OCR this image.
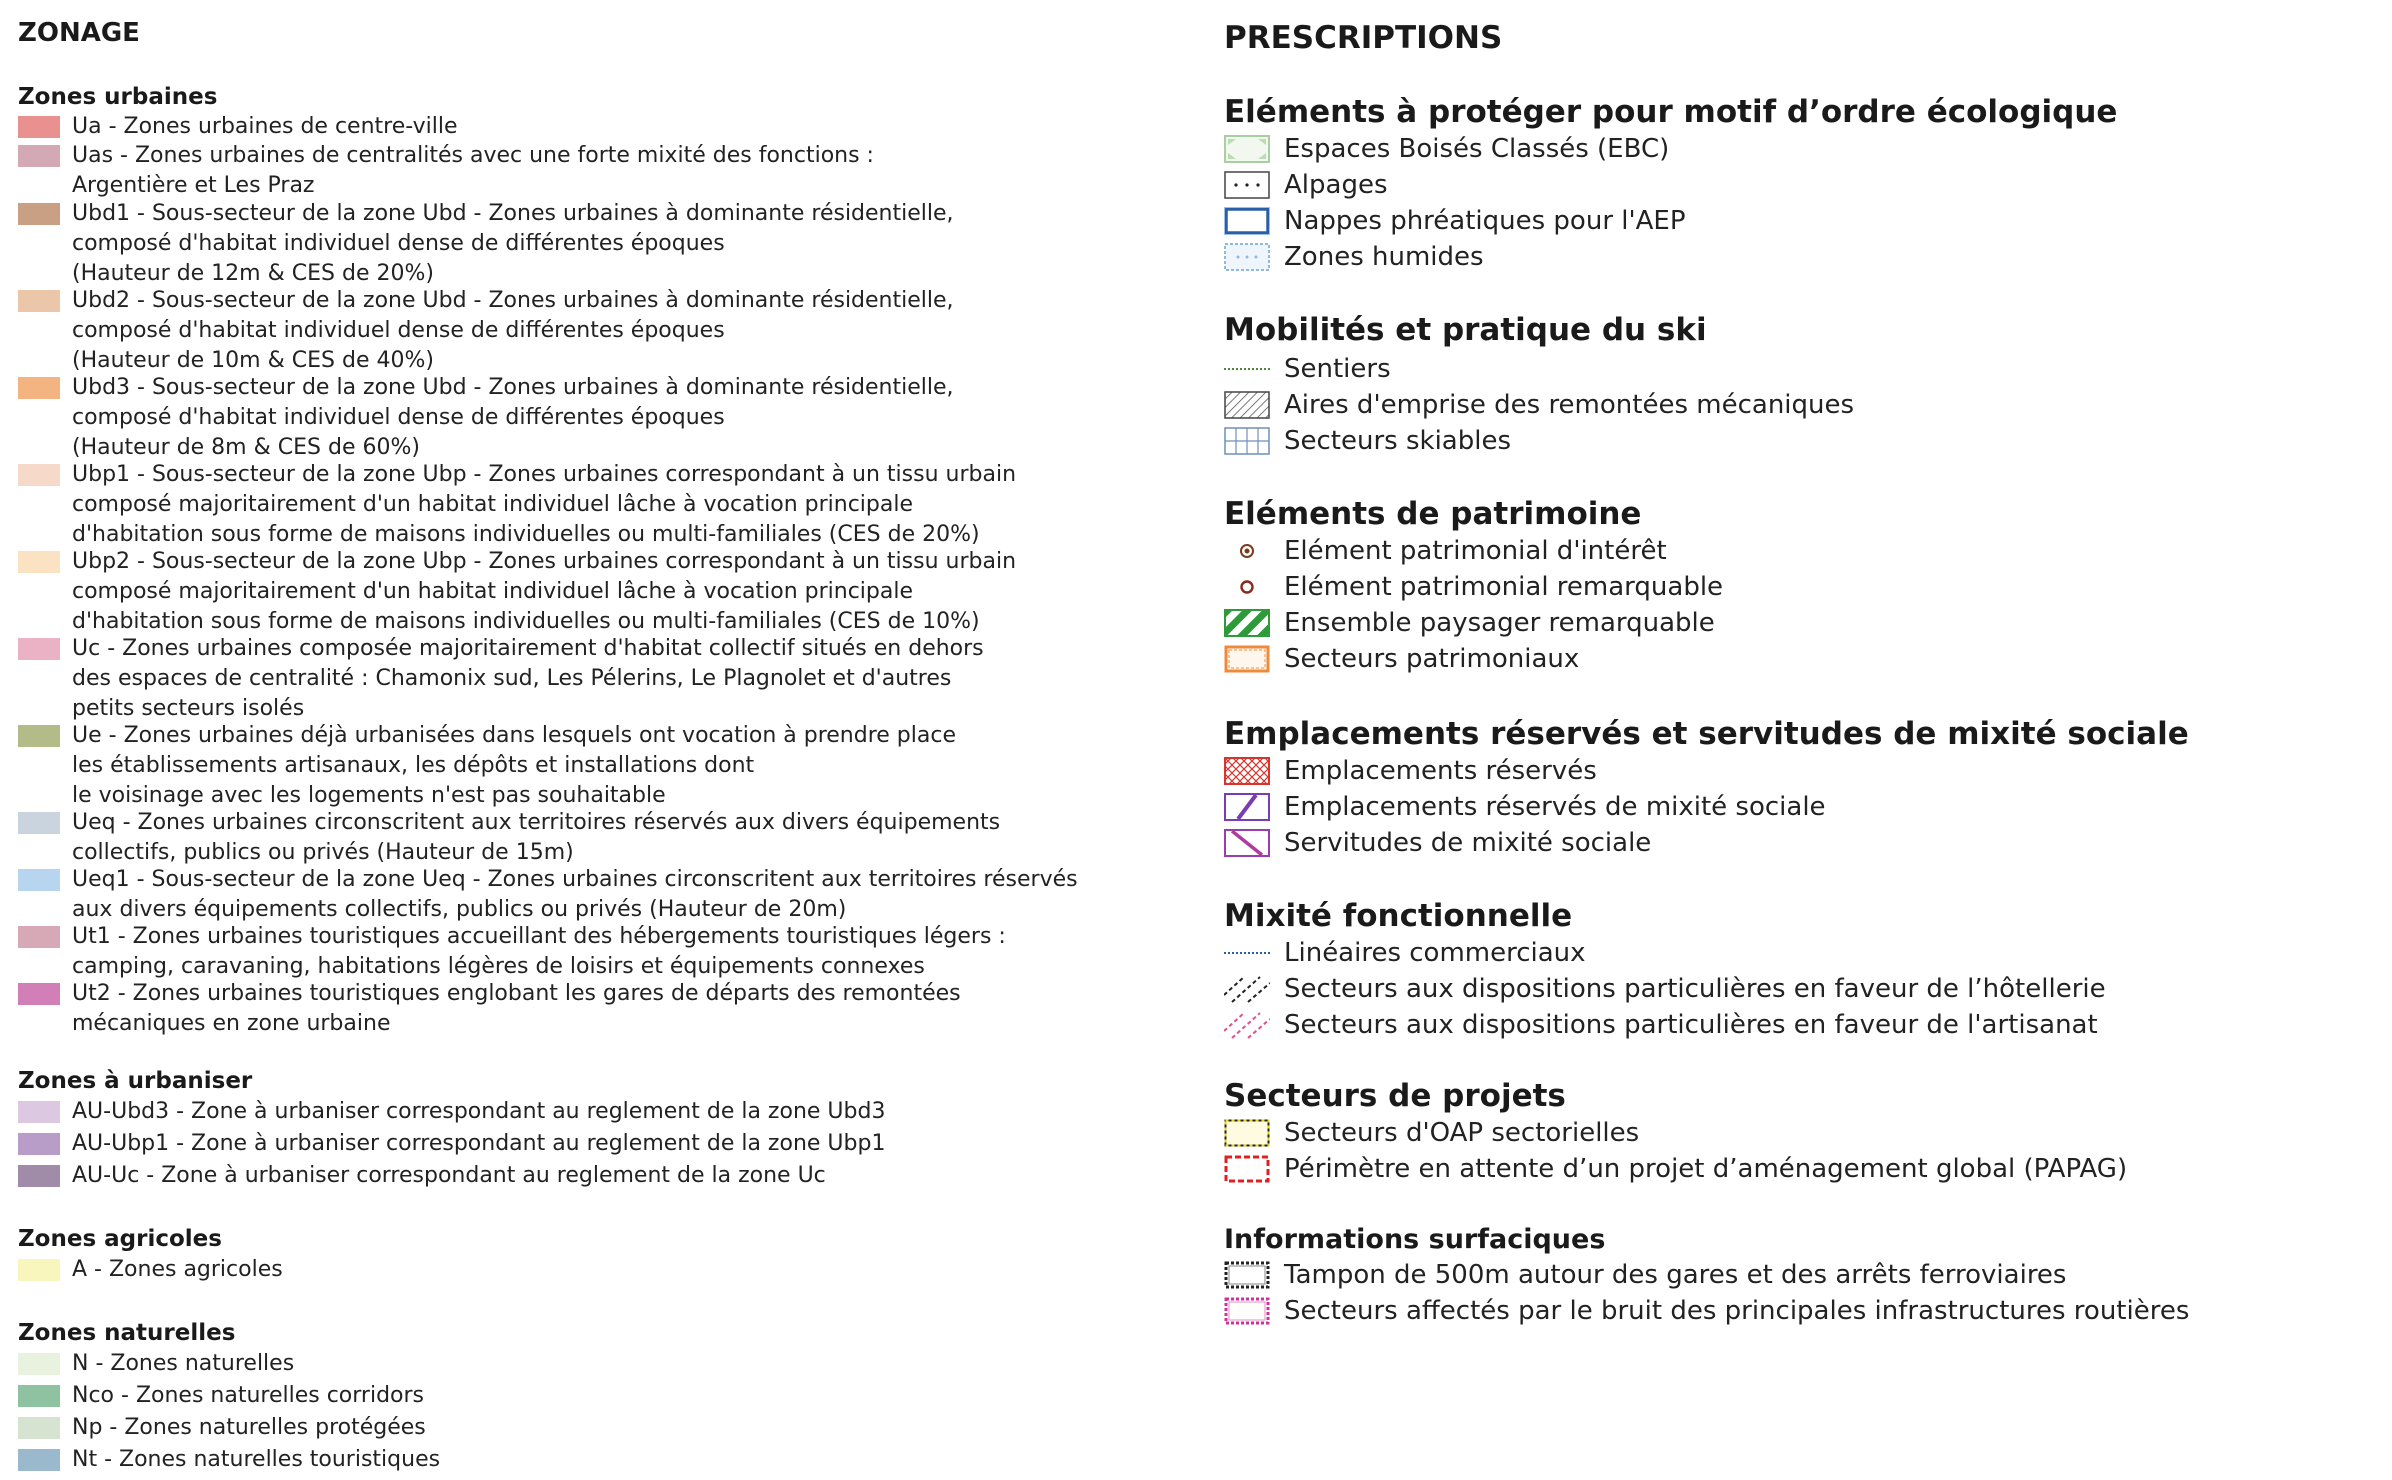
ZONAGE
Zones urbaines
Ua - Zones urbaines de centre-ville
Uas - Zones urbaines de centralités avec une forte mixité des fonctions :
Argentière et Les Praz
Ubd1 - Sous-secteur de la zone Ubd - Zones urbaines à dominante résidentielle,
composé d'habitat individuel dense de différentes époques
(Hauteur de 12m & CES de 20%)
Ubd2 - Sous-secteur de la zone Ubd - Zones urbaines à dominante résidentielle,
composé d'habitat individuel dense de différentes époques
(Hauteur de 10m & CES de 40%)
Ubd3 - Sous-secteur de la zone Ubd - Zones urbaines à dominante résidentielle,
composé d'habitat individuel dense de différentes époques
(Hauteur de 8m & CES de 60%)
Ubp1 - Sous-secteur de la zone Ubp - Zones urbaines correspondant à un tissu urbain
composé majoritairement d'un habitat individuel lâche à vocation principale
d'habitation sous forme de maisons individuelles ou multi-familiales (CES de 20%)
Ubp2 - Sous-secteur de la zone Ubp - Zones urbaines correspondant à un tissu urbain
composé majoritairement d'un habitat individuel lâche à vocation principale
d'habitation sous forme de maisons individuelles ou multi-familiales (CES de 10%)
Uc - Zones urbaines composée majoritairement d'habitat collectif situés en dehors
des espaces de centralité : Chamonix sud, Les Pélerins, Le Plagnolet et d'autres
petits secteurs isolés
Ue - Zones urbaines déjà urbanisées dans lesquels ont vocation à prendre place
les établissements artisanaux, les dépôts et installations dont
le voisinage avec les logements n'est pas souhaitable
Ueq - Zones urbaines circonscritent aux territoires réservés aux divers équipements
collectifs, publics ou privés (Hauteur de 15m)
Ueq1 - Sous-secteur de la zone Ueq - Zones urbaines circonscritent aux territoires réservés
aux divers équipements collectifs, publics ou privés (Hauteur de 20m)
Ut1 - Zones urbaines touristiques accueillant des hébergements touristiques légers :
camping, caravaning, habitations légères de loisirs et équipements connexes
Ut2 - Zones urbaines touristiques englobant les gares de départs des remontées
mécaniques en zone urbaine
Zones à urbaniser
AU-Ubd3 - Zone à urbaniser correspondant au reglement de la zone Ubd3
AU-Ubp1 - Zone à urbaniser correspondant au reglement de la zone Ubp1
AU-Uc - Zone à urbaniser correspondant au reglement de la zone Uc
Zones agricoles
A - Zones agricoles
Zones naturelles
N - Zones naturelles
Nco - Zones naturelles corridors
Np - Zones naturelles protégées
Nt - Zones naturelles touristiques
PRESCRIPTIONS
Eléments à protéger pour motif d’ordre écologique
Espaces Boisés Classés (EBC)
Alpages
Nappes phréatiques pour l'AEP
Zones humides
Mobilités et pratique du ski
Sentiers
Aires d'emprise des remontées mécaniques
Secteurs skiables
Eléments de patrimoine
Elément patrimonial d'intérêt
Elément patrimonial remarquable
Ensemble paysager remarquable
Secteurs patrimoniaux
Emplacements réservés et servitudes de mixité sociale
Emplacements réservés
Emplacements réservés de mixité sociale
Servitudes de mixité sociale
Mixité fonctionnelle
Linéaires commerciaux
Secteurs aux dispositions particulières en faveur de l’hôtellerie
Secteurs aux dispositions particulières en faveur de l'artisanat
Secteurs de projets
Secteurs d'OAP sectorielles
Périmètre en attente d’un projet d’aménagement global (PAPAG)
Informations surfaciques
Tampon de 500m autour des gares et des arrêts ferroviaires
Secteurs affectés par le bruit des principales infrastructures routières
